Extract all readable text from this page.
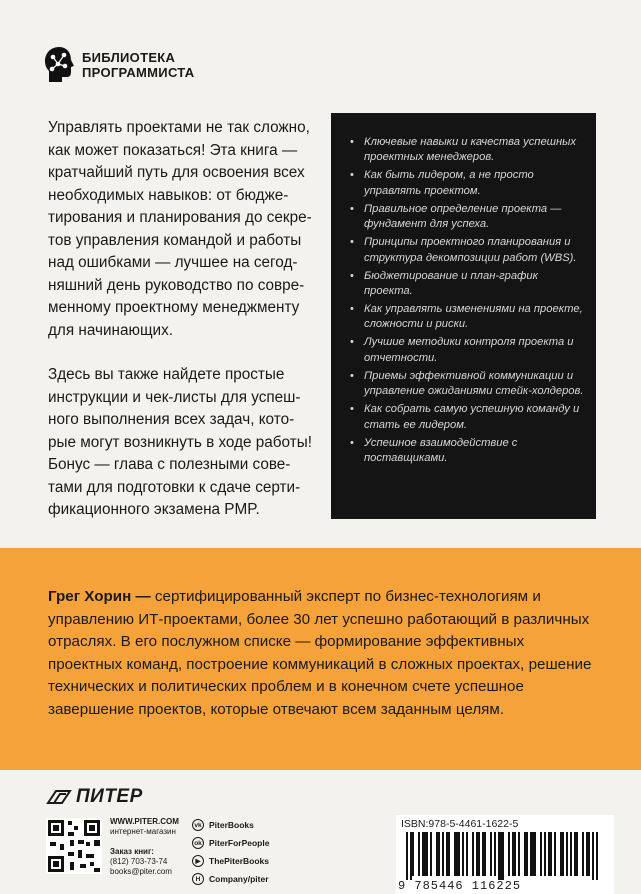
БИБЛИОТЕКА
ПРОГРАММИСТА

Управлять проектами не так сложно, как может показаться! Эта книга — кратчайший путь для освоения всех необходимых навыков: от бюдже-тирования и планирования до секре-тов управления командой и работы над ошибками — лучшее на сегод-няшний день руководство по совре-менному проектному менеджменту для начинающих.

Здесь вы также найдете простые инструкции и чек-листы для успеш-ного выполнения всех задач, кото-рые могут возникнуть в ходе работы! Бонус — глава с полезными сове-тами для подготовки к сдаче серти-фикационного экзамена PMP.

• Ключевые навыки и качества успешных проектных менеджеров.
• Как быть лидером, а не просто управлять проектом.
• Правильное определение проекта — фундамент для успеха.
• Принципы проектного планирования и структура декомпозиции работ (WBS).
• Бюджетирование и план-график проекта.
• Как управлять изменениями на проекте, сложности и риски.
• Лучшие методики контроля проекта и отчетности.
• Приемы эффективной коммуникации и управление ожиданиями стейк-холдеров.
• Как собрать самую успешную команду и стать ее лидером.
• Успешное взаимодействие с поставщиками.
Грег Хорин — сертифицированный эксперт по бизнес-технологиям и управлению ИТ-проектами, более 30 лет успешно работающий в различных отраслях. В его послужном списке — формирование эффективных проектных команд, построение коммуникаций в сложных проектах, решение технических и политических проблем и в конечном счете успешное завершение проектов, которые отвечают всем заданным целям.
ПИТЕР
WWW.PITER.COM
интернет-магазин
Заказ книг:
(812) 703-73-74
books@piter.com
vk PiterBooks
ok PiterForPeople
▶	ThePiterBooks
H	Company/piter
ISBN:978-5-4461-1622-5
9 785446 116225
